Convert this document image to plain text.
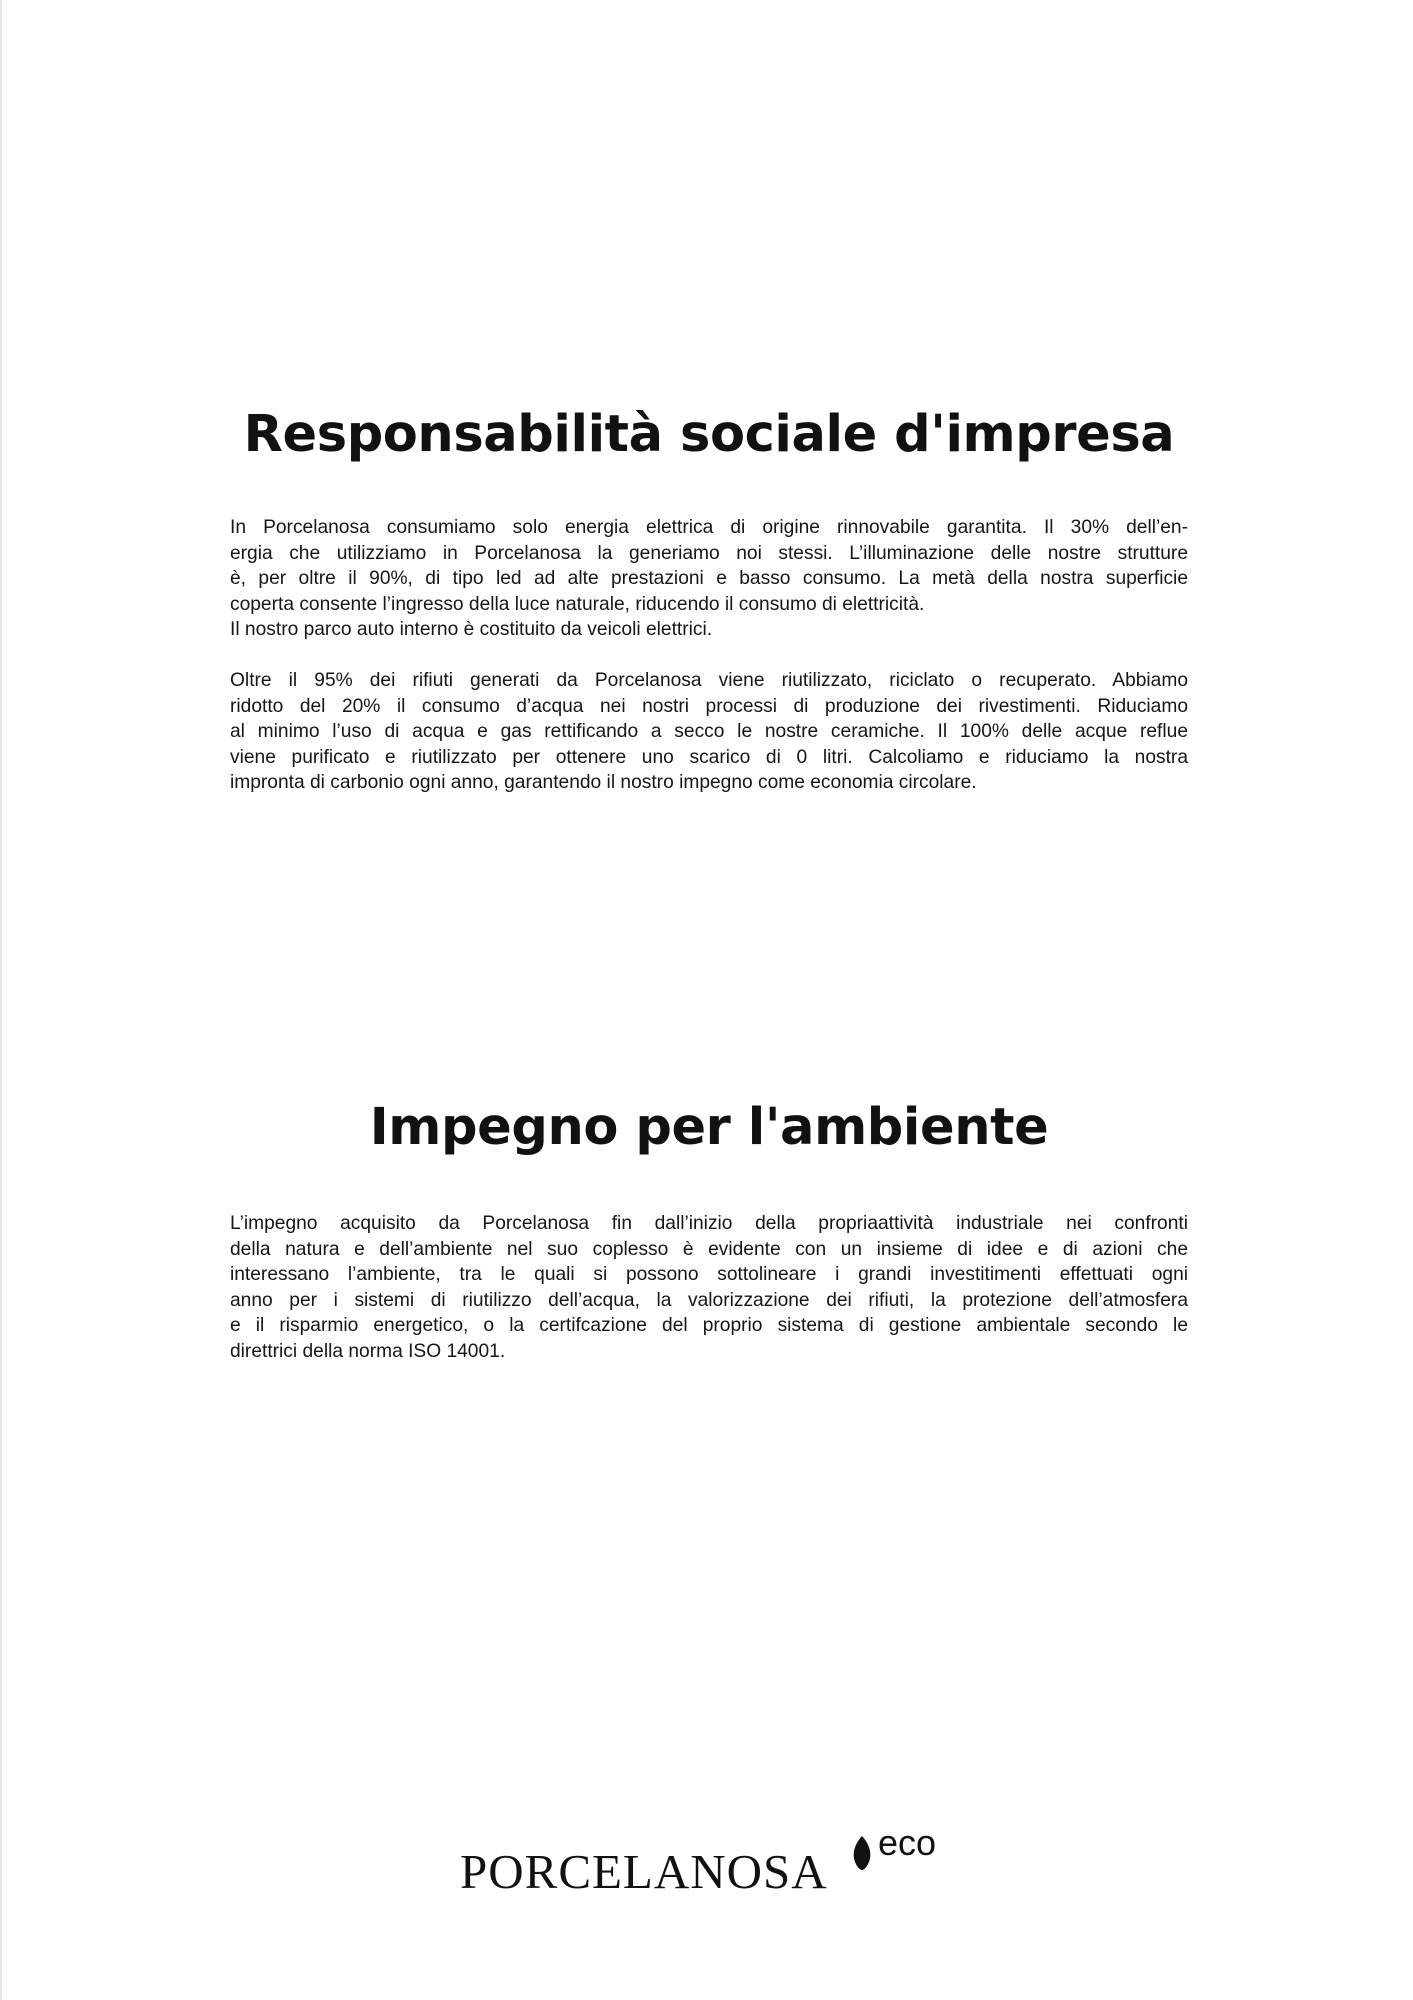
Responsabilità sociale d'impresa

In Porcelanosa consumiamo solo energia elettrica di origine rinnovabile garantita. Il 30% dell’en-

ergia che utilizziamo in Porcelanosa la generiamo noi stessi. L’illuminazione delle nostre strutture

è, per oltre il 90%, di tipo led ad alte prestazioni e basso consumo. La metà della nostra superficie

coperta consente l’ingresso della luce naturale, riducendo il consumo di elettricità.

Il nostro parco auto interno è costituito da veicoli elettrici.

Oltre il 95% dei rifiuti generati da Porcelanosa viene riutilizzato, riciclato o recuperato. Abbiamo

ridotto del 20% il consumo d’acqua nei nostri processi di produzione dei rivestimenti. Riduciamo

al minimo l’uso di acqua e gas rettificando a secco le nostre ceramiche. Il 100% delle acque reflue

viene purificato e riutilizzato per ottenere uno scarico di 0 litri. Calcoliamo e riduciamo la nostra

impronta di carbonio ogni anno, garantendo il nostro impegno come economia circolare.

Impegno per l'ambiente

L’impegno acquisito da Porcelanosa fin dall’inizio della propriaattività industriale nei confronti

della natura e dell’ambiente nel suo coplesso è evidente con un insieme di idee e di azioni che

interessano l’ambiente, tra le quali si possono sottolineare i grandi investitimenti effettuati ogni

anno per i sistemi di riutilizzo dell’acqua, la valorizzazione dei rifiuti, la protezione dell’atmosfera

e il risparmio energetico, o la certifcazione del proprio sistema di gestione ambientale secondo le

direttrici della norma ISO 14001.

PORCELANOSA
eco
